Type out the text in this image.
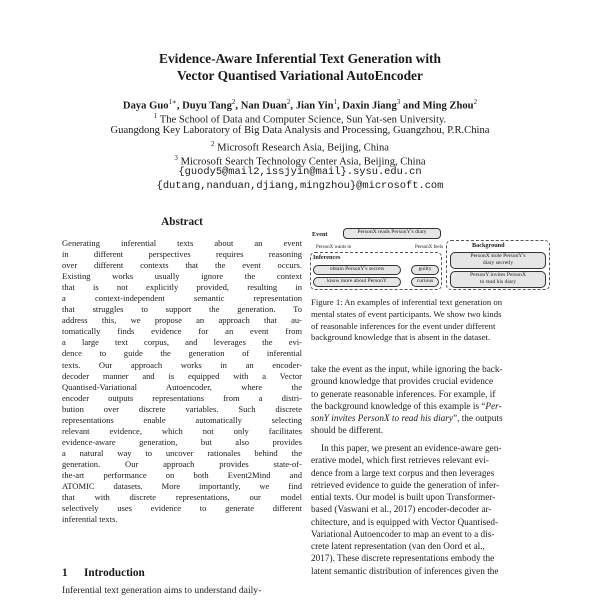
Evidence-Aware Inferential Text Generation with
Vector Quantised Variational AutoEncoder
Daya Guo$^{1∗}$, Duyu Tang$^2$, Nan Duan$^2$, Jian Yin$^1$, Daxin Jiang$^3$ and Ming Zhou$^2$
$^1$ The School of Data and Computer Science, Sun Yat-sen University.
Guangdong Key Laboratory of Big Data Analysis and Processing, Guangzhou, P.R.China
$^2$ Microsoft Research Asia, Beijing, China
$^3$ Microsoft Search Technology Center Asia, Beijing, China
{guody5@mail2,issjyin@mail}.sysu.edu.cn
{dutang,nanduan,djiang,mingzhou}@microsoft.com
Abstract
Generating inferential texts about an event
in different perspectives requires reasoning
over different contexts that the event occurs.
Existing works usually ignore the context
that is not explicitly provided, resulting in
a context-independent semantic representation
that struggles to support the generation. To
address this, we propose an approach that au-
tomatically finds evidence for an event from
a large text corpus, and leverages the evi-
dence to guide the generation of inferential
texts. Our approach works in an encoder-
decoder manner and is equipped with a Vector
Quantised-Variational Autoencoder, where the
encoder outputs representations from a distri-
bution over discrete variables. Such discrete
representations enable automatically selecting
relevant evidence, which not only facilitates
evidence-aware generation, but also provides
a natural way to uncover rationales behind the
generation. Our approach provides state-of-
the-art performance on both Event2Mind and
ATOMIC datasets. More importantly, we find
that with discrete representations, our model
selectively uses evidence to generate different
inferential texts.
1 Introduction
Inferential text generation aims to understand daily-
Event	PersonX reads PersonY's diary
PersonX wants to	PersonX feels
Inferences
obtain PersonY's secrets	guilty
know more about PersonY	curious
Background
PersonX stole PersonY's
diary secretly
PersonY invites PersonX
to read his diary
Figure 1: An examples of inferential text generation on
mental states of event participants. We show two kinds
of reasonable inferences for the event under different
background knowledge that is absent in the dataset.
take the event as the input, while ignoring the back-
ground knowledge that provides crucial evidence
to generate reasonable inferences. For example, if
the background knowledge of this example is “Per-
sonY invites PersonX to read his diary”, the outputs
should be different.
In this paper, we present an evidence-aware gen-
erative model, which first retrieves relevant evi-
dence from a large text corpus and then leverages
retrieved evidence to guide the generation of infer-
ential texts. Our model is built upon Transformer-
based (Vaswani et al., 2017) encoder-decoder ar-
chitecture, and is equipped with Vector Quantised-
Variational Autoencoder to map an event to a dis-
crete latent representation (van den Oord et al.,
2017). These discrete representations embody the
latent semantic distribution of inferences given the
